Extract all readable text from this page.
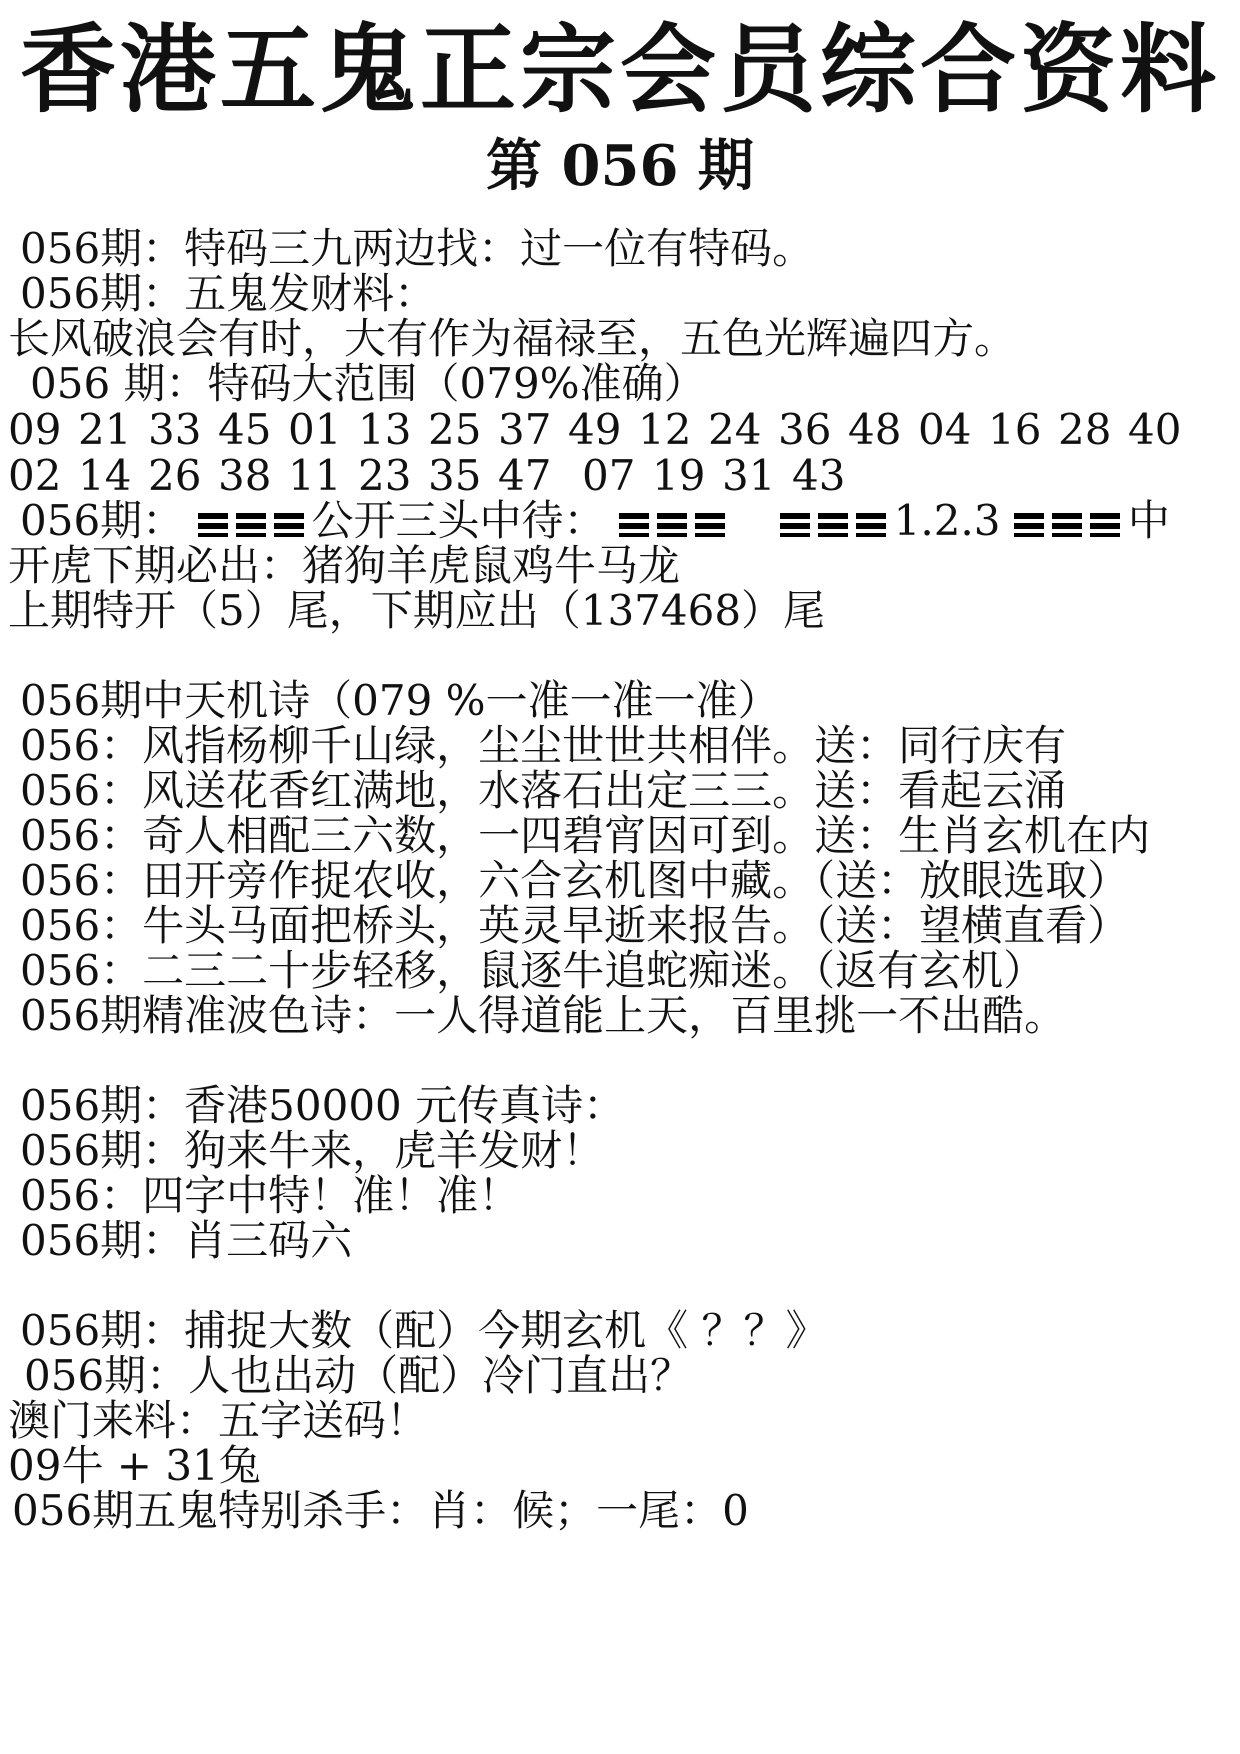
香港五鬼正宗会员综合资料
第 056 期
056期：特码三九两边找：过一位有特码。
056期：五鬼发财料：
长风破浪会有时，大有作为福禄至，五色光辉遍四方。
056 期：特码大范围（079%准确）
09 21 33 45 01 13 25 37 49 12 24 36 48 04 16 28 40
02 14 26 38 11 23 35 47 07 19 31 43
056期：	公开三头中待：	1.2.3	中
开虎下期必出：猪狗羊虎鼠鸡牛马龙
上期特开（5）尾，下期应出（137468）尾
056期中天机诗（079 %一准一准一准）
056：风指杨柳千山绿，尘尘世世共相伴。送：同行庆有
056：风送花香红满地，水落石出定三三。送：看起云涌
056：奇人相配三六数，一四碧宵因可到。送：生肖玄机在内
056：田开旁作捉农收，六合玄机图中藏。（送：放眼选取）
056：牛头马面把桥头，英灵早逝来报告。（送：望横直看）
056：二三二十步轻移，鼠逐牛追蛇痴迷。（返有玄机）
056期精准波色诗：一人得道能上天，百里挑一不出酷。
056期：香港50000 元传真诗：
056期：狗来牛来，虎羊发财！
056：四字中特！准！准！
056期：肖三码六
056期：捕捉大数（配）今期玄机《 ？？》
056期：人也出动（配）冷门直出？
澳门来料：五字送码！
09牛 + 31兔
056期五鬼特别杀手：肖：候；一尾：0
